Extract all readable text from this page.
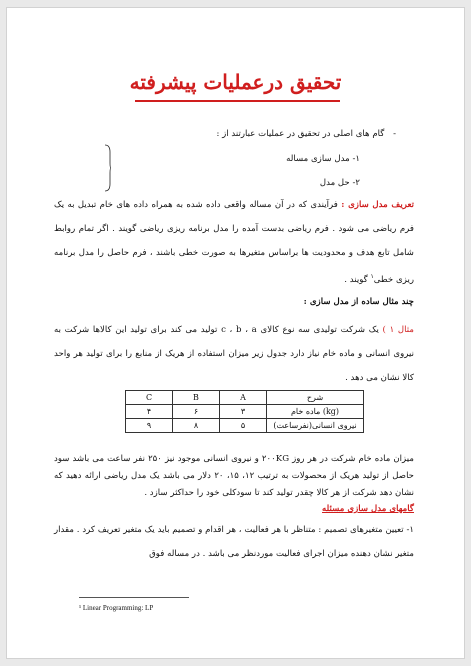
تحقیق درعملیات پیشرفته
- گام های اصلی در تحقیق در عملیات عبارتند از :
۱- مدل سازی مساله
۲- حل مدل
تعریف مدل سازی : فرآیندی که در آن مساله واقعی داده شده به همراه داده های خام تبدیل به یک فرم ریاضی می شود . فرم ریاضی بدست آمده را مدل برنامه ریزی ریاضی گویند . اگر تمام روابط شامل تابع هدف و محدودیت ها براساس متغیرها به صورت خطی باشند ، فرم حاصل را مدل برنامه ریزی خطی$^۱$ گویند .
چند مثال ساده از مدل سازی :
مثال ۱ ) یک شرکت تولیدی سه نوع کالای c ، b ، a تولید می کند برای تولید این کالاها شرکت به نیروی انسانی و ماده خام نیاز دارد جدول زیر میزان استفاده از هریک از منابع را برای تولید هر واحد کالا نشان می دهد .
C	B	A	شرح
۴	۶	۳	ماده خام (kg)
۹	۸	۵	نیروی انسانی(نفرساعت)
میزان ماده خام شرکت در هر روز ۲۰۰KG و نیروی انسانی موجود نیز ۲۵۰ نفر ساعت می باشد سود حاصل از تولید هریک از محصولات به ترتیب ۱۲، ۱۵، ۲۰ دلار می باشد یک مدل ریاضی ارائه دهید که نشان دهد شرکت از هر کالا چقدر تولید کند تا سودکلی خود را حداکثر سازد .
گامهای مدل سازی مسئله
۱- تعیین متغیرهای تصمیم : متناظر با هر فعالیت ، هر اقدام و تصمیم باید یک متغیر تعریف کرد . مقدار متغیر نشان دهنده میزان اجرای فعالیت موردنظر می باشد . در مساله فوق
¹ Linear Programming: LP
